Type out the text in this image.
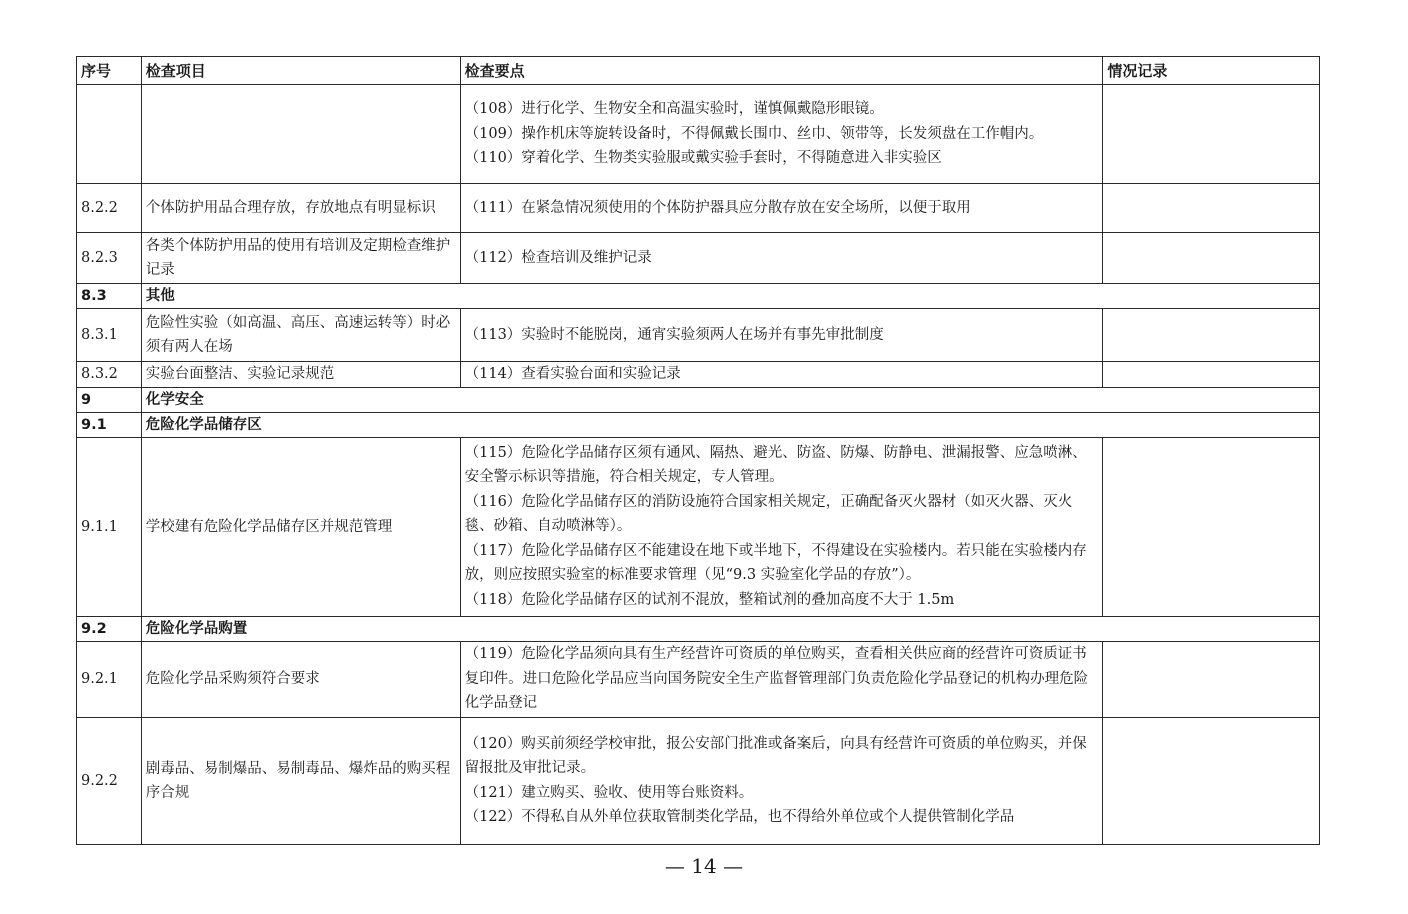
序号	检查项目	检查要点	情况记录

		（108）进行化学、生物安全和高温实验时，谨慎佩戴隐形眼镜。
（109）操作机床等旋转设备时，不得佩戴长围巾、丝巾、领带等，长发须盘在工作帽内。
（110）穿着化学、生物类实验服或戴实验手套时，不得随意进入非实验区	

8.2.2	个体防护用品合理存放，存放地点有明显标识	（111）在紧急情况须使用的个体防护器具应分散存放在安全场所，以便于取用	

8.2.3	各类个体防护用品的使用有培训及定期检查维护记录	（112）检查培训及维护记录	

8.3	其他		
8.3.1	危险性实验（如高温、高压、高速运转等）时必须有两人在场	（113）实验时不能脱岗，通宵实验须两人在场并有事先审批制度	

8.3.2	实验台面整洁、实验记录规范	（114）查看实验台面和实验记录	

9	化学安全		
9.1	危险化学品储存区		
9.1.1	学校建有危险化学品储存区并规范管理	（115）危险化学品储存区须有通风、隔热、避光、防盗、防爆、防静电、泄漏报警、应急喷淋、安全警示标识等措施，符合相关规定，专人管理。
（116）危险化学品储存区的消防设施符合国家相关规定，正确配备灭火器材（如灭火器、灭火毯、砂箱、自动喷淋等）。
（117）危险化学品储存区不能建设在地下或半地下，不得建设在实验楼内。若只能在实验楼内存放，则应按照实验室的标准要求管理（见“9.3 实验室化学品的存放”）。
（118）危险化学品储存区的试剂不混放，整箱试剂的叠加高度不大于 1.5m	

9.2	危险化学品购置		
9.2.1	危险化学品采购须符合要求	（119）危险化学品须向具有生产经营许可资质的单位购买，查看相关供应商的经营许可资质证书复印件。进口危险化学品应当向国务院安全生产监督管理部门负责危险化学品登记的机构办理危险化学品登记	

9.2.2	剧毒品、易制爆品、易制毒品、爆炸品的购买程序合规	（120）购买前须经学校审批，报公安部门批准或备案后，向具有经营许可资质的单位购买，并保留报批及审批记录。
（121）建立购买、验收、使用等台账资料。
（122）不得私自从外单位获取管制类化学品，也不得给外单位或个人提供管制化学品	

— 14 —
